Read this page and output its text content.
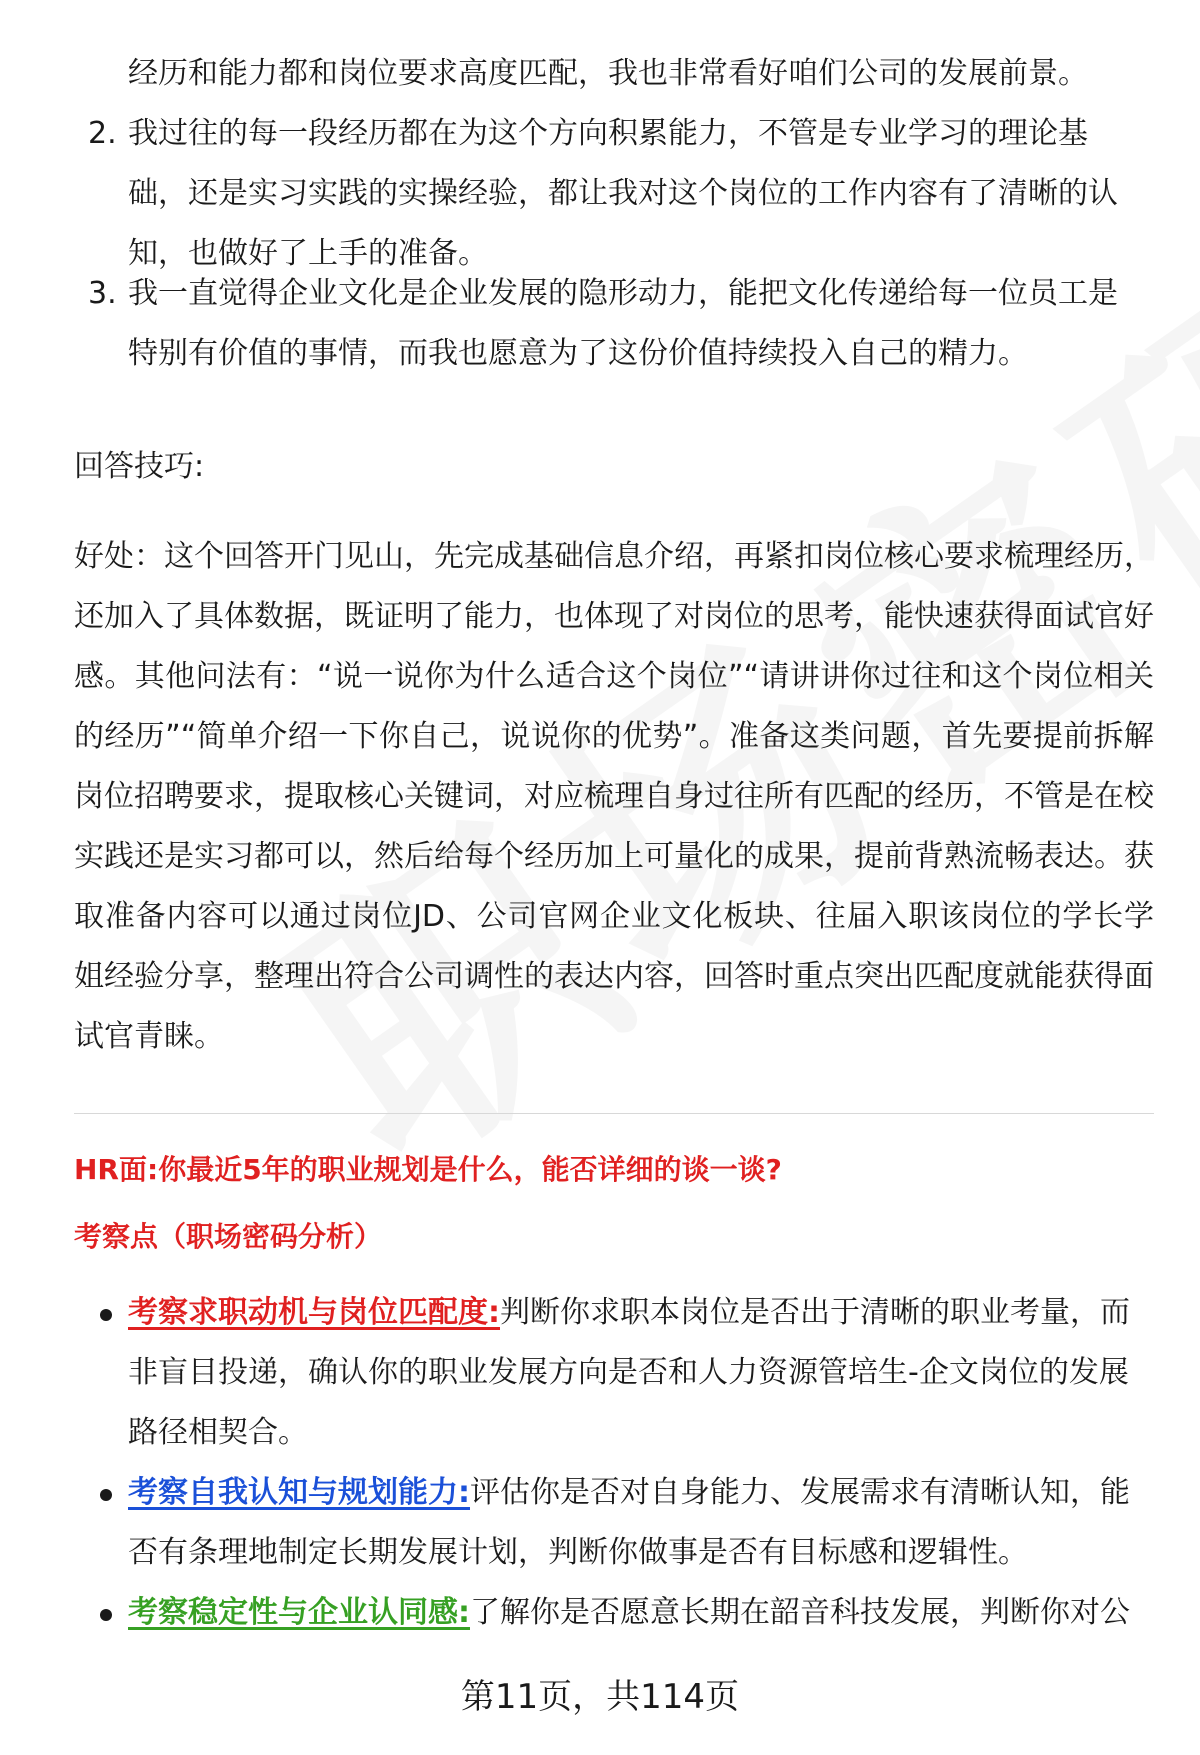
经历和能力都和岗位要求高度匹配，我也非常看好咱们公司的发展前景。
2. 我过往的每一段经历都在为这个方向积累能力，不管是专业学习的理论基础，还是实习实践的实操经验，都让我对这个岗位的工作内容有了清晰的认知，也做好了上手的准备。
3. 我一直觉得企业文化是企业发展的隐形动力，能把文化传递给每一位员工是特别有价值的事情，而我也愿意为了这份价值持续投入自己的精力。
回答技巧:
好处：这个回答开门见山，先完成基础信息介绍，再紧扣岗位核心要求梳理经历，还加入了具体数据，既证明了能力，也体现了对岗位的思考，能快速获得面试官好感。其他问法有：“说一说你为什么适合这个岗位”“请讲讲你过往和这个岗位相关的经历”“简单介绍一下你自己，说说你的优势”。准备这类问题，首先要提前拆解岗位招聘要求，提取核心关键词，对应梳理自身过往所有匹配的经历，不管是在校实践还是实习都可以，然后给每个经历加上可量化的成果，提前背熟流畅表达。获取准备内容可以通过岗位JD、公司官网企业文化板块、往届入职该岗位的学长学姐经验分享，整理出符合公司调性的表达内容，回答时重点突出匹配度就能获得面试官青睐。
HR面:你最近5年的职业规划是什么，能否详细的谈一谈?
考察点（职场密码分析）
考察求职动机与岗位匹配度:判断你求职本岗位是否出于清晰的职业考量，而非盲目投递，确认你的职业发展方向是否和人力资源管培生-企文岗位的发展路径相契合。
考察自我认知与规划能力:评估你是否对自身能力、发展需求有清晰认知，能否有条理地制定长期发展计划，判断你做事是否有目标感和逻辑性。
考察稳定性与企业认同感:了解你是否愿意长期在韶音科技发展，判断你对公
第11页，共114页
